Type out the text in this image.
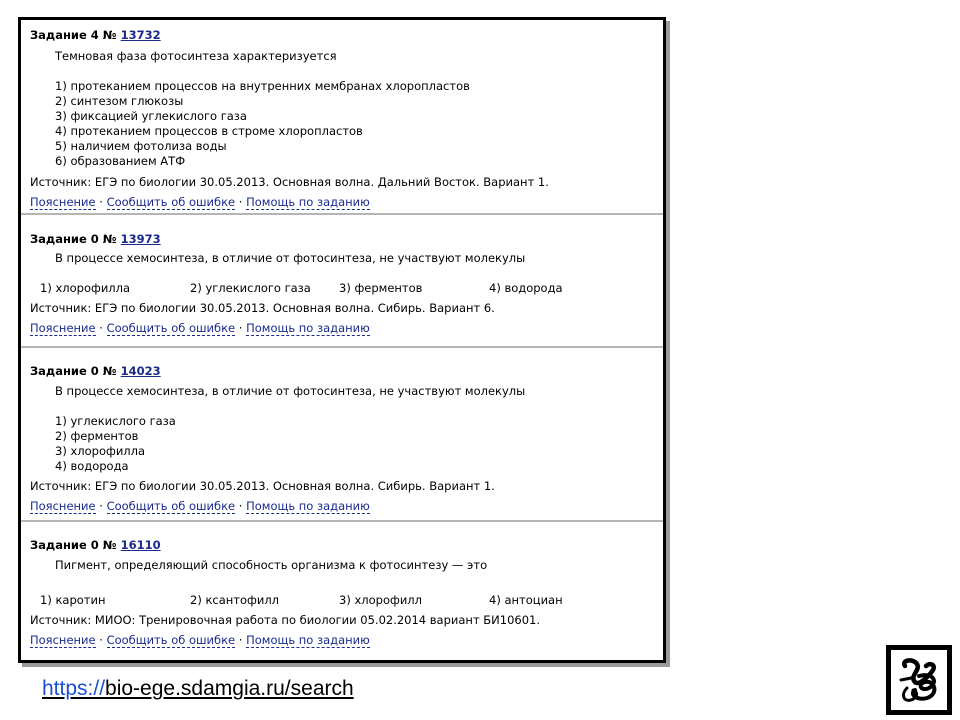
Задание 4 № 13732
Темновая фаза фотосинтеза характеризуется
1) протеканием процессов на внутренних мембранах хлоропластов
2) синтезом глюкозы
3) фиксацией углекислого газа
4) протеканием процессов в строме хлоропластов
5) наличием фотолиза воды
6) образованием АТФ
Источник: ЕГЭ по биологии 30.05.2013. Основная волна. Дальний Восток. Вариант 1.
Пояснение · Сообщить об ошибке · Помощь по заданию
Задание 0 № 13973
В процессе хемосинтеза, в отличие от фотосинтеза, не участвуют молекулы
1) хлорофилла	2) углекислого газа 3) ферментов	4) водорода
Источник: ЕГЭ по биологии 30.05.2013. Основная волна. Сибирь. Вариант 6.
Пояснение · Сообщить об ошибке · Помощь по заданию
Задание 0 № 14023
В процессе хемосинтеза, в отличие от фотосинтеза, не участвуют молекулы
1) углекислого газа
2) ферментов
3) хлорофилла
4) водорода
Источник: ЕГЭ по биологии 30.05.2013. Основная волна. Сибирь. Вариант 1.
Пояснение · Сообщить об ошибке · Помощь по заданию
Задание 0 № 16110
Пигмент, определяющий способность организма к фотосинтезу — это
1) каротин	2) ксантофилл	3) хлорофилл	4) антоциан
Источник: МИОО: Тренировочная работа по биологии 05.02.2014 вариант БИ10601.
Пояснение · Сообщить об ошибке · Помощь по заданию
https://bio-ege.sdamgia.ru/search
